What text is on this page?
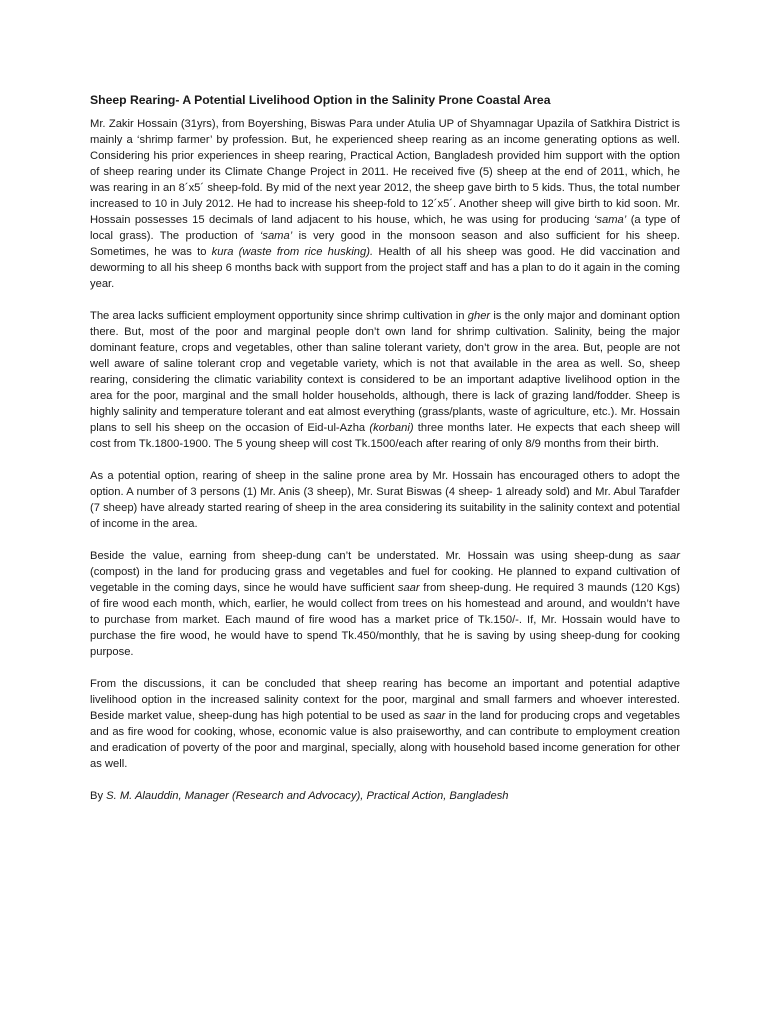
Sheep Rearing- A Potential Livelihood Option in the Salinity Prone Coastal Area

Mr. Zakir Hossain (31yrs), from Boyershing, Biswas Para under Atulia UP of Shyamnagar Upazila of Satkhira District is mainly a ‘shrimp farmer’ by profession. But, he experienced sheep rearing as an income generating options as well. Considering his prior experiences in sheep rearing, Practical Action, Bangladesh provided him support with the option of sheep rearing under its Climate Change Project in 2011. He received five (5) sheep at the end of 2011, which, he was rearing in an 8´x5´ sheep-fold. By mid of the next year 2012, the sheep gave birth to 5 kids. Thus, the total number increased to 10 in July 2012. He had to increase his sheep-fold to 12´x5´. Another sheep will give birth to kid soon. Mr. Hossain possesses 15 decimals of land adjacent to his house, which, he was using for producing ‘sama’ (a type of local grass). The production of ‘sama’ is very good in the monsoon season and also sufficient for his sheep. Sometimes, he was to kura (waste from rice husking). Health of all his sheep was good. He did vaccination and deworming to all his sheep 6 months back with support from the project staff and has a plan to do it again in the coming year.

The area lacks sufficient employment opportunity since shrimp cultivation in gher is the only major and dominant option there. But, most of the poor and marginal people don’t own land for shrimp cultivation. Salinity, being the major dominant feature, crops and vegetables, other than saline tolerant variety, don’t grow in the area. But, people are not well aware of saline tolerant crop and vegetable variety, which is not that available in the area as well. So, sheep rearing, considering the climatic variability context is considered to be an important adaptive livelihood option in the area for the poor, marginal and the small holder households, although, there is lack of grazing land/fodder. Sheep is highly salinity and temperature tolerant and eat almost everything (grass/plants, waste of agriculture, etc.). Mr. Hossain plans to sell his sheep on the occasion of Eid-ul-Azha (korbani) three months later. He expects that each sheep will cost from Tk.1800-1900. The 5 young sheep will cost Tk.1500/each after rearing of only 8/9 months from their birth.

As a potential option, rearing of sheep in the saline prone area by Mr. Hossain has encouraged others to adopt the option. A number of 3 persons (1) Mr. Anis (3 sheep), Mr. Surat Biswas (4 sheep- 1 already sold) and Mr. Abul Tarafder (7 sheep) have already started rearing of sheep in the area considering its suitability in the salinity context and potential of income in the area.

Beside the value, earning from sheep-dung can’t be understated. Mr. Hossain was using sheep-dung as saar (compost) in the land for producing grass and vegetables and fuel for cooking. He planned to expand cultivation of vegetable in the coming days, since he would have sufficient saar from sheep-dung. He required 3 maunds (120 Kgs) of fire wood each month, which, earlier, he would collect from trees on his homestead and around, and wouldn’t have to purchase from market. Each maund of fire wood has a market price of Tk.150/-. If, Mr. Hossain would have to purchase the fire wood, he would have to spend Tk.450/monthly, that he is saving by using sheep-dung for cooking purpose.

From the discussions, it can be concluded that sheep rearing has become an important and potential adaptive livelihood option in the increased salinity context for the poor, marginal and small farmers and whoever interested. Beside market value, sheep-dung has high potential to be used as saar in the land for producing crops and vegetables and as fire wood for cooking, whose, economic value is also praiseworthy, and can contribute to employment creation and eradication of poverty of the poor and marginal, specially, along with household based income generation for other as well.

By S. M. Alauddin, Manager (Research and Advocacy), Practical Action, Bangladesh
